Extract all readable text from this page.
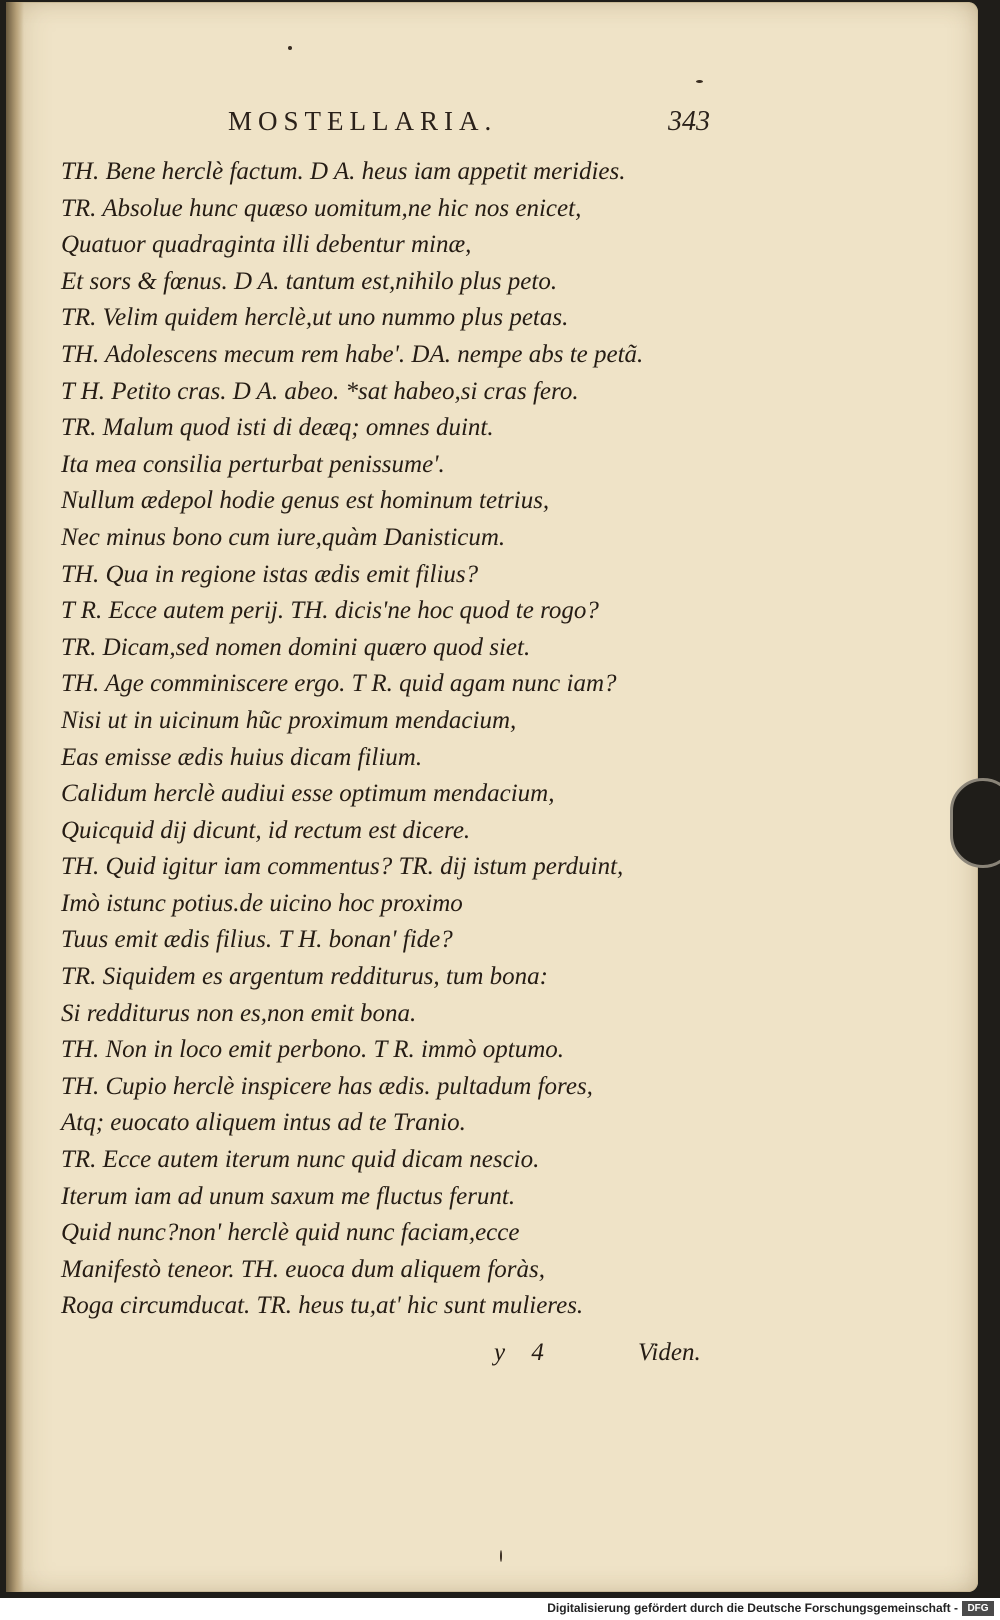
MOSTELLARIA.	343
TH. Bene herclè factum. D A. heus iam appetit meridies.
TR. Absolue hunc quæso uomitum,ne hic nos enicet,
Quatuor quadraginta illi debentur minæ,
Et sors & fœnus. D A. tantum est,nihilo plus peto.
TR. Velim quidem herclè,ut uno nummo plus petas.
TH. Adolescens mecum rem habe'. DA. nempe abs te petã.
T H. Petito cras. D A. abeo. *sat habeo,si cras fero.
TR. Malum quod isti di deæq; omnes duint.
Ita mea consilia perturbat penissume'.
Nullum ædepol hodie genus est hominum tetrius,
Nec minus bono cum iure,quàm Danisticum.
TH. Qua in regione istas ædis emit filius?
T R. Ecce autem perij. TH. dicis'ne hoc quod te rogo?
TR. Dicam,sed nomen domini quæro quod siet.
TH. Age comminiscere ergo. T R. quid agam nunc iam?
Nisi ut in uicinum hũc proximum mendacium,
Eas emisse ædis huius dicam filium.
Calidum herclè audiui esse optimum mendacium,
Quicquid dij dicunt, id rectum est dicere.
TH. Quid igitur iam commentus? TR. dij istum perduint,
Imò istunc potius.de uicino hoc proximo
Tuus emit ædis filius. T H. bonan' fide?
TR. Siquidem es argentum redditurus, tum bona:
Si redditurus non es,non emit bona.
TH. Non in loco emit perbono. T R. immò optumo.
TH. Cupio herclè inspicere has ædis. pultadum fores,
Atq; euocato aliquem intus ad te Tranio.
TR. Ecce autem iterum nunc quid dicam nescio.
Iterum iam ad unum saxum me fluctus ferunt.
Quid nunc?non' herclè quid nunc faciam,ecce
Manifestò teneor. TH. euoca dum aliquem foràs,
Roga circumducat. TR. heus tu,at' hic sunt mulieres.
y 4	Viden.
Digitalisierung gefördert durch die Deutsche Forschungsgemeinschaft - DFG
